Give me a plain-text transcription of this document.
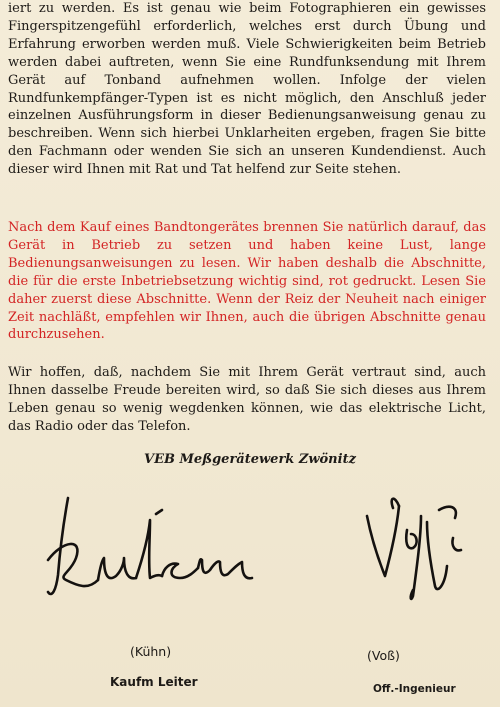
iert zu werden. Es ist genau wie beim Fotographieren ein gewisses Fingerspitzengefühl erforderlich, welches erst durch Übung und Erfahrung erworben werden muß. Viele Schwierigkeiten beim Betrieb werden dabei auftreten, wenn Sie eine Rundfunksendung mit Ihrem Gerät auf Tonband aufnehmen wollen. Infolge der vielen Rundfunkempfänger-Typen ist es nicht möglich, den Anschluß jeder einzelnen Ausführungsform in dieser Bedienungsanweisung genau zu beschreiben. Wenn sich hierbei Unklarheiten ergeben, fragen Sie bitte den Fachmann oder wenden Sie sich an unseren Kundendienst. Auch dieser wird Ihnen mit Rat und Tat helfend zur Seite stehen.

Nach dem Kauf eines Bandtongerätes brennen Sie natürlich darauf, das Gerät in Betrieb zu setzen und haben keine Lust, lange Bedienungsanweisungen zu lesen. Wir haben deshalb die Abschnitte, die für die erste Inbetriebsetzung wichtig sind, rot gedruckt. Lesen Sie daher zuerst diese Abschnitte. Wenn der Reiz der Neuheit nach einiger Zeit nachläßt, empfehlen wir Ihnen, auch die übrigen Abschnitte genau durchzusehen.

Wir hoffen, daß, nachdem Sie mit Ihrem Gerät vertraut sind, auch Ihnen dasselbe Freude bereiten wird, so daß Sie sich dieses aus Ihrem Leben genau so wenig wegdenken können, wie das elektrische Licht, das Radio oder das Telefon.

VEB Meßgerätewerk Zwönitz

(Kühn)	(Voß)

Kaufm Leiter	Off.-Ingenieur
